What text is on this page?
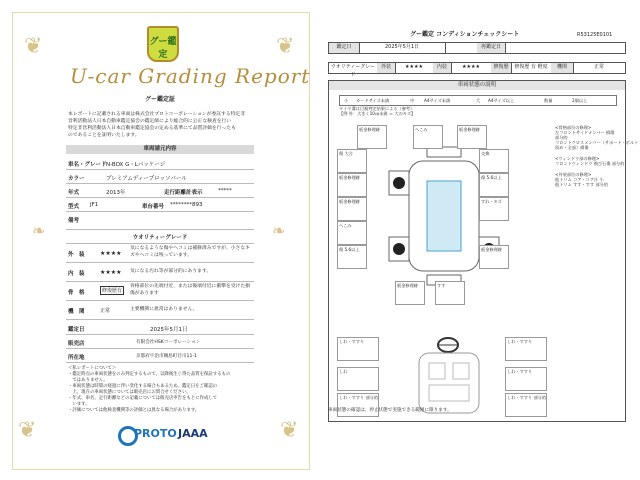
❦	❦
❦	❦
❧	❧
グー鑑定
U-car Grading Report
グー鑑定証
本レポートに記載される車両は株式会社プロトコーポレーションが委託する特定非
営利活動法人日本自動車鑑定協会の鑑定師により総合的に公正な検査を行い
特定非営利活動法人日本自動車鑑定協会の定める基準にて品質評価を行ったも
のであることを証明いたします。
車両請元内容
車名・グレード N-BOX G・Lパッケージ
カラー	プレミアムディープロッソパール
年式	2013年	走行距離計表示	*****
型式 JF1	車台番号 ********893
備考
ウオリティーグレード
外　装	★★★★
気になるような傷やヘコミは補修済みですが、小さなキズやヘコミは残っています。
内　装	★★★★ 気になる汚れ等が部分的にあります。
骨　格	修復歴有
骨格部位の先端付近、または後端付近に衝撃を受けた損傷があります
機　関	正常	主要機関に異常はありません。
鑑定日	2025年5月1日
販売店	有限会社HSKコーポレーション
所在地	京都府宇治市槇島町目川11-1
＜私レポートについて＞
・鑑定時点の車両状態をのみ判定するもので、以降後生じ得た品質を保証するもの
　ではありません。
・車両状態は時間の経過に伴い変化する場合もあるため、鑑定日をご確認の
　上、現在の車両状態については販売店にお問合せください。
・年式、車名、走行距離などの記載については販売店申告をもとに作成して
　います。
・評価については他検査機関等の評価とは異なる場合があります。
PROTO JAAA
R53125E0101
グー鑑定 コンディションチェックシート
鑑定日	2025年5月1日	再鑑定日
ウオリティーグレード
外装	★★★★	内装	★★★★	修復歴	修復歴 有 軽度	機関	正常
車両状態の説明
小 カードサイズ未満	中 A4サイズ未満	大 A4サイズ以上	数量	2個以上
タイヤ溝は目視判定結果による（参考）
【例 外：大きく10㎝未満 ＝ 大のキズ】
板金修理跡	へこみ	板金修理跡
傷 大合
板金修理跡
交換
傷 5.6以上
すれ・キズ
板金修理跡
へこみ
傷 5.6以上	板金修理跡
板金修理跡	すす
しわ・すすり	しわ・すすり
しわ	しわ・すすり
しわ・すすり 部分的	しわ・すすり 部分的
<骨格部位の修理>
左フロントサイドメンバー 損傷
部分的
フロントクロスメンバー（サポート・ボルト
留め・全部）損傷
<ウィンドウ部の修理>
フロントウィンドウ 飛び石傷 部分的
<外装部位の修理>
他トリム コア・コア汁 小
他トリム すす・すす 部分的
車両状態の確認は、停止状態で実施できる範囲に限ります。
